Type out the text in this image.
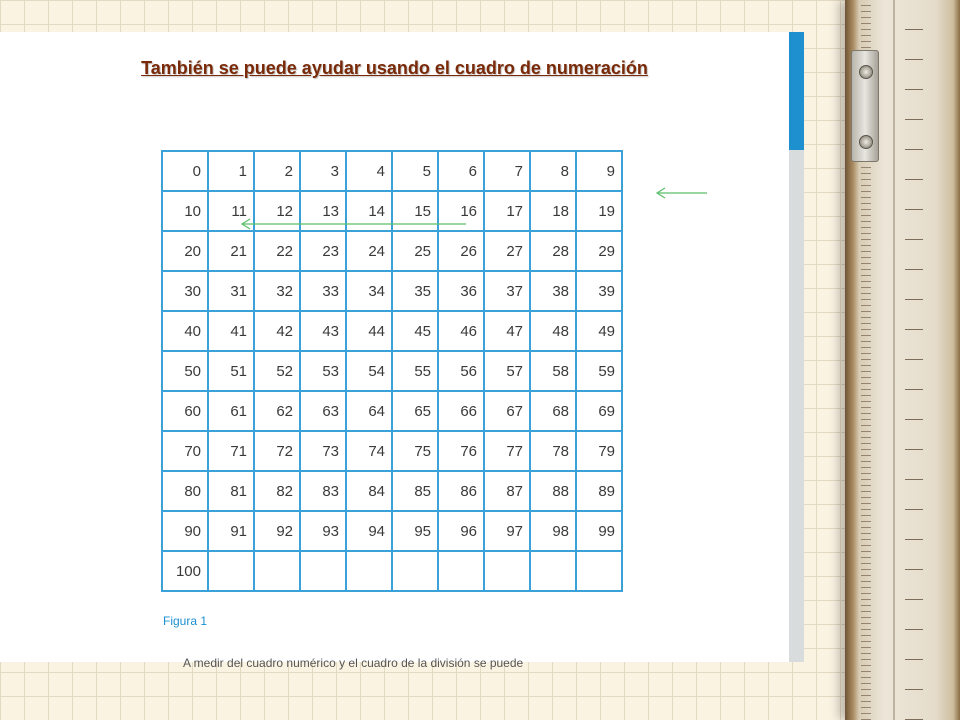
También se puede ayudar usando el cuadro de numeración
0	1	2	3	4	5	6	7	8	9
10	11	12	13	14	15	16	17	18	19
20	21	22	23	24	25	26	27	28	29
30	31	32	33	34	35	36	37	38	39
40	41	42	43	44	45	46	47	48	49
50	51	52	53	54	55	56	57	58	59
60	61	62	63	64	65	66	67	68	69
70	71	72	73	74	75	76	77	78	79
80	81	82	83	84	85	86	87	88	89
90	91	92	93	94	95	96	97	98	99
100									
Figura 1
A medir del cuadro numérico y el cuadro de la división se puede
